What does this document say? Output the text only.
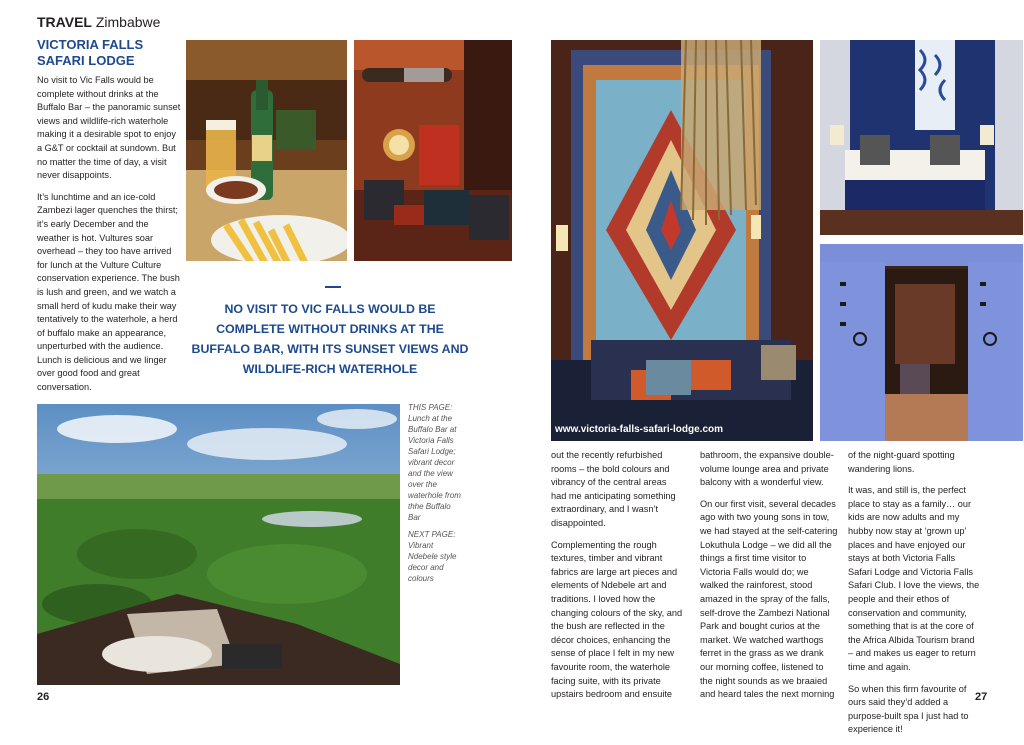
TRAVEL Zimbabwe
VICTORIA FALLS SAFARI LODGE

No visit to Vic Falls would be complete without drinks at the Buffalo Bar – the panoramic sunset views and wildlife-rich waterhole making it a desirable spot to enjoy a G&T or cocktail at sundown. But no matter the time of day, a visit never disappoints.

It’s lunchtime and an ice-cold Zambezi lager quenches the thirst; it’s early December and the weather is hot. Vultures soar overhead – they too have arrived for lunch at the Vulture Culture conservation experience. The bush is lush and green, and we watch a small herd of kudu make their way tentatively to the waterhole, a herd of buffalo make an appearance, unperturbed with the audience. Lunch is delicious and we linger over good food and great conversation.

NO VISIT TO VIC FALLS WOULD BE COMPLETE WITHOUT DRINKS AT THE BUFFALO BAR, WITH ITS SUNSET VIEWS AND WILDLIFE-RICH WATERHOLE

THIS PAGE: Lunch at the Buffalo Bar at Victoria Falls Safari Lodge; vibrant decor and the view over the waterhole from thhe Buffalo Bar

NEXT PAGE: Vibrant Ndebele style decor and colours

26
www.victoria-falls-safari-lodge.com

out the recently refurbished rooms – the bold colours and vibrancy of the central areas had me anticipating something extraordinary, and I wasn’t disappointed.

Complementing the rough textures, timber and vibrant fabrics are large art pieces and elements of Ndebele art and traditions. I loved how the changing colours of the sky, and the bush are reflected in the décor choices, enhancing the sense of place I felt in my new favourite room, the waterhole facing suite, with its private upstairs bedroom and ensuite

bathroom, the expansive double-volume lounge area and private balcony with a wonderful view.

On our first visit, several decades ago with two young sons in tow, we had stayed at the self-catering Lokuthula Lodge – we did all the things a first time visitor to Victoria Falls would do; we walked the rainforest, stood amazed in the spray of the falls, self-drove the Zambezi National Park and bought curios at the market. We watched warthogs ferret in the grass as we drank our morning coffee, listened to the night sounds as we braaied and heard tales the next morning

of the night-guard spotting wandering lions.

It was, and still is, the perfect place to stay as a family… our kids are now adults and my hubby now stay at ‘grown up’ places and have enjoyed our stays at both Victoria Falls Safari Lodge and Victoria Falls Safari Club. I love the views, the people and their ethos of conservation and community, something that is at the core of the Africa Albida Tourism brand – and makes us eager to return time and again.

So when this firm favourite of ours said they’d added a purpose-built spa I just had to experience it!

27
